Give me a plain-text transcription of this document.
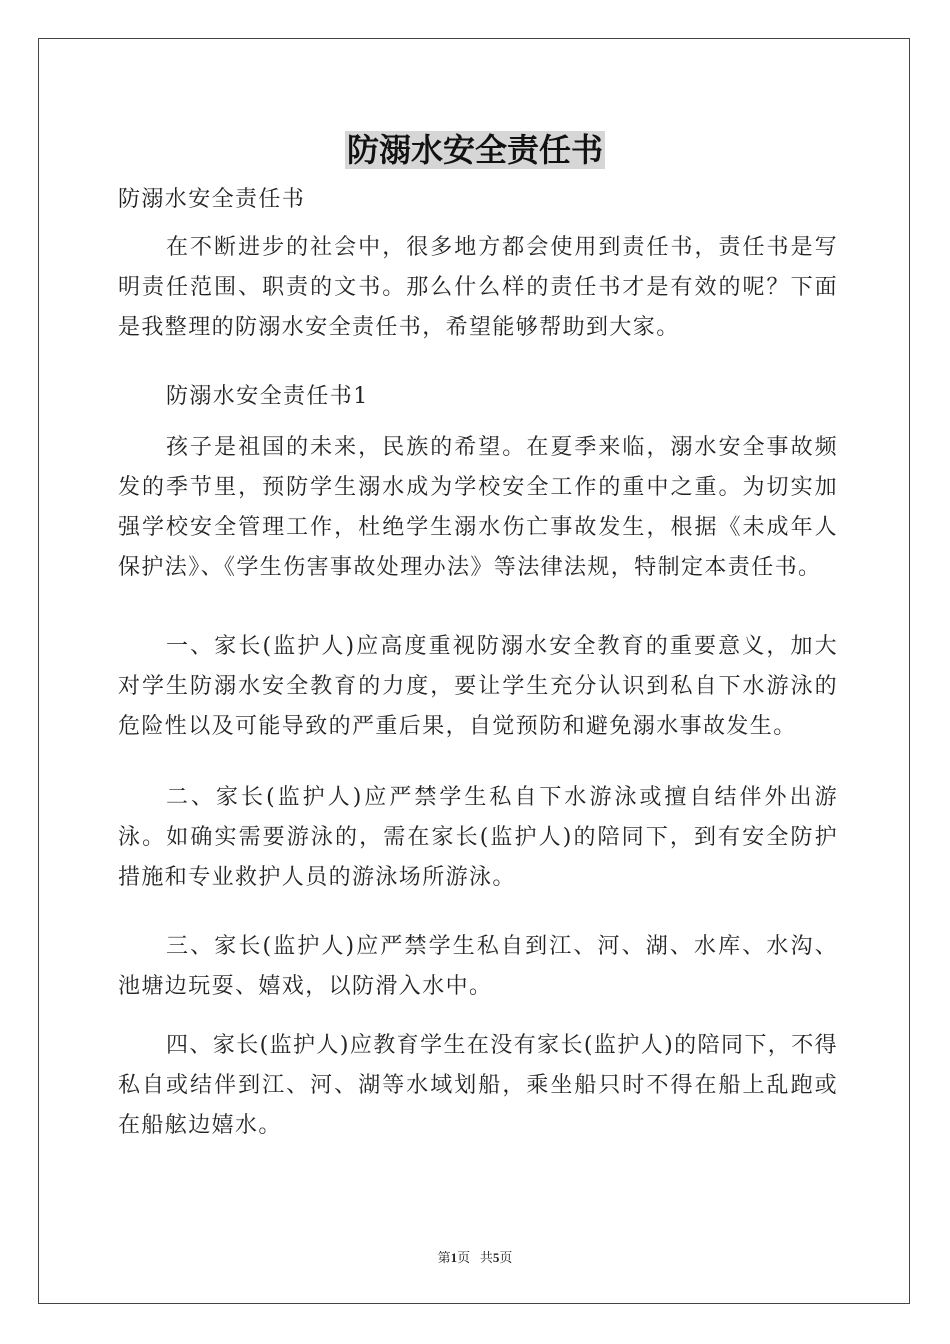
防溺水安全责任书

防溺水安全责任书

在不断进步的社会中，很多地方都会使用到责任书，责任书是写明责任范围、职责的文书。那么什么样的责任书才是有效的呢？下面是我整理的防溺水安全责任书，希望能够帮助到大家。

防溺水安全责任书1

孩子是祖国的未来，民族的希望。在夏季来临，溺水安全事故频发的季节里，预防学生溺水成为学校安全工作的重中之重。为切实加强学校安全管理工作，杜绝学生溺水伤亡事故发生，根据《未成年人保护法》、《学生伤害事故处理办法》等法律法规，特制定本责任书。

一、家长(监护人)应高度重视防溺水安全教育的重要意义，加大对学生防溺水安全教育的力度，要让学生充分认识到私自下水游泳的危险性以及可能导致的严重后果，自觉预防和避免溺水事故发生。

二、家长(监护人)应严禁学生私自下水游泳或擅自结伴外出游泳。如确实需要游泳的，需在家长(监护人)的陪同下，到有安全防护措施和专业救护人员的游泳场所游泳。

三、家长(监护人)应严禁学生私自到江、河、湖、水库、水沟、池塘边玩耍、嬉戏，以防滑入水中。

四、家长(监护人)应教育学生在没有家长(监护人)的陪同下，不得私自或结伴到江、河、湖等水域划船，乘坐船只时不得在船上乱跑或在船舷边嬉水。

第1页 共5页
